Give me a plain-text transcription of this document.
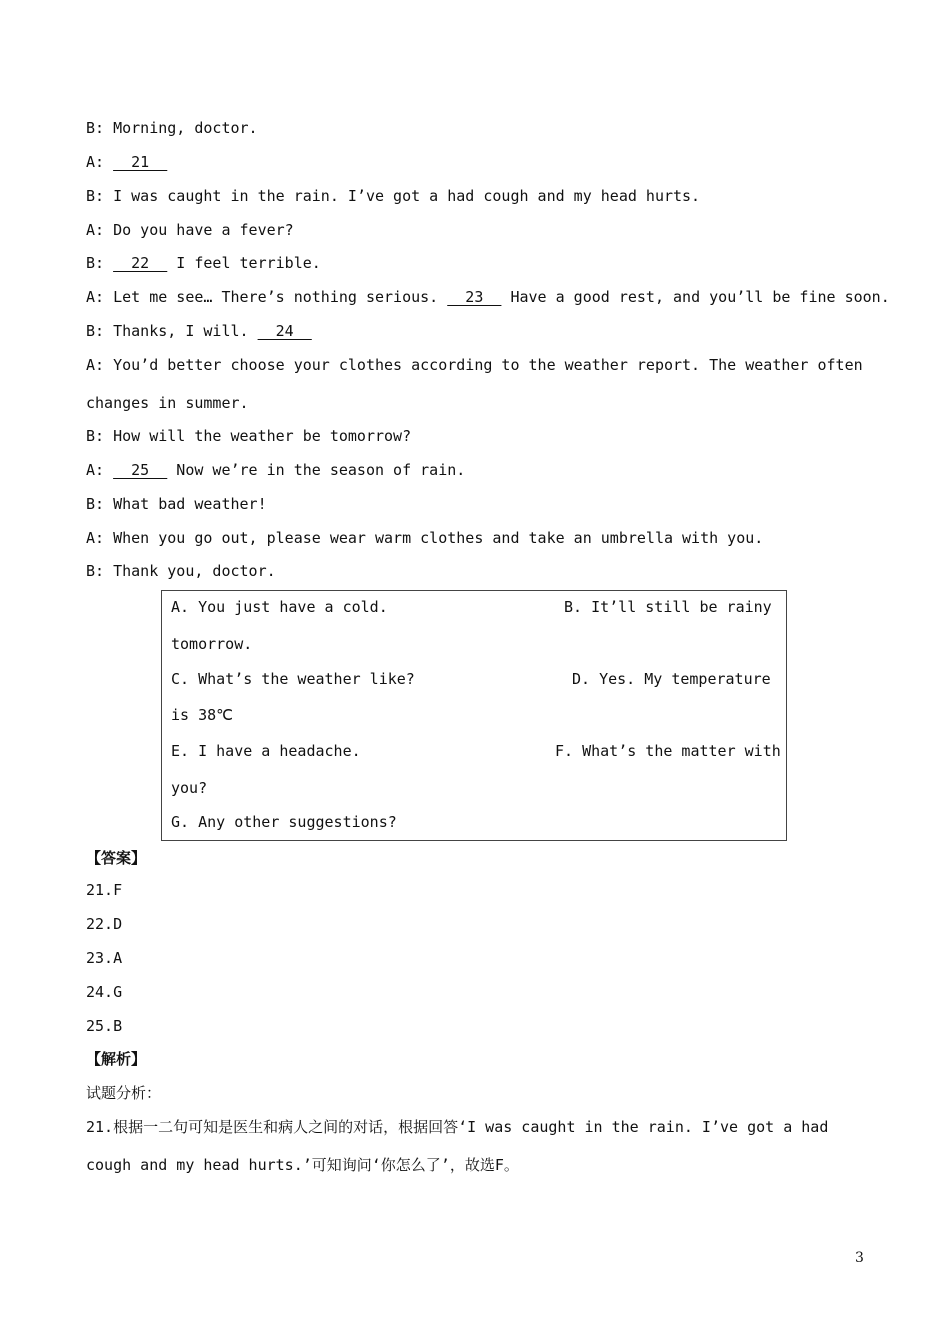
B: Morning, doctor.
A:   21
B: I was caught in the rain. I’ve got a had cough and my head hurts.
A: Do you have a fever?
B:   22   I feel terrible.
A: Let me see… There’s nothing serious.   23   Have a good rest, and you’ll be fine soon.
B: Thanks, I will.   24
A: You’d better choose your clothes according to the weather report. The weather often
changes in summer.
B: How will the weather be tomorrow?
A:   25   Now we’re in the season of rain.
B: What bad weather!
A: When you go out, please wear warm clothes and take an umbrella with you.
B: Thank you, doctor.
A. You just have a cold.	B. It’ll still be rainy
tomorrow.
C. What’s the weather like?	D. Yes. My temperature
is 38℃
E. I have a headache.	F. What’s the matter with
you?
G. Any other suggestions?
【答案】
21.F
22.D
23.A
24.G
25.B
【解析】
试题分析：
21.根据一二句可知是医生和病人之间的对话，根据回答‘I was caught in the rain. I’ve got a had
cough and my head hurts.’可知询问‘你怎么了’，故选F。
3
